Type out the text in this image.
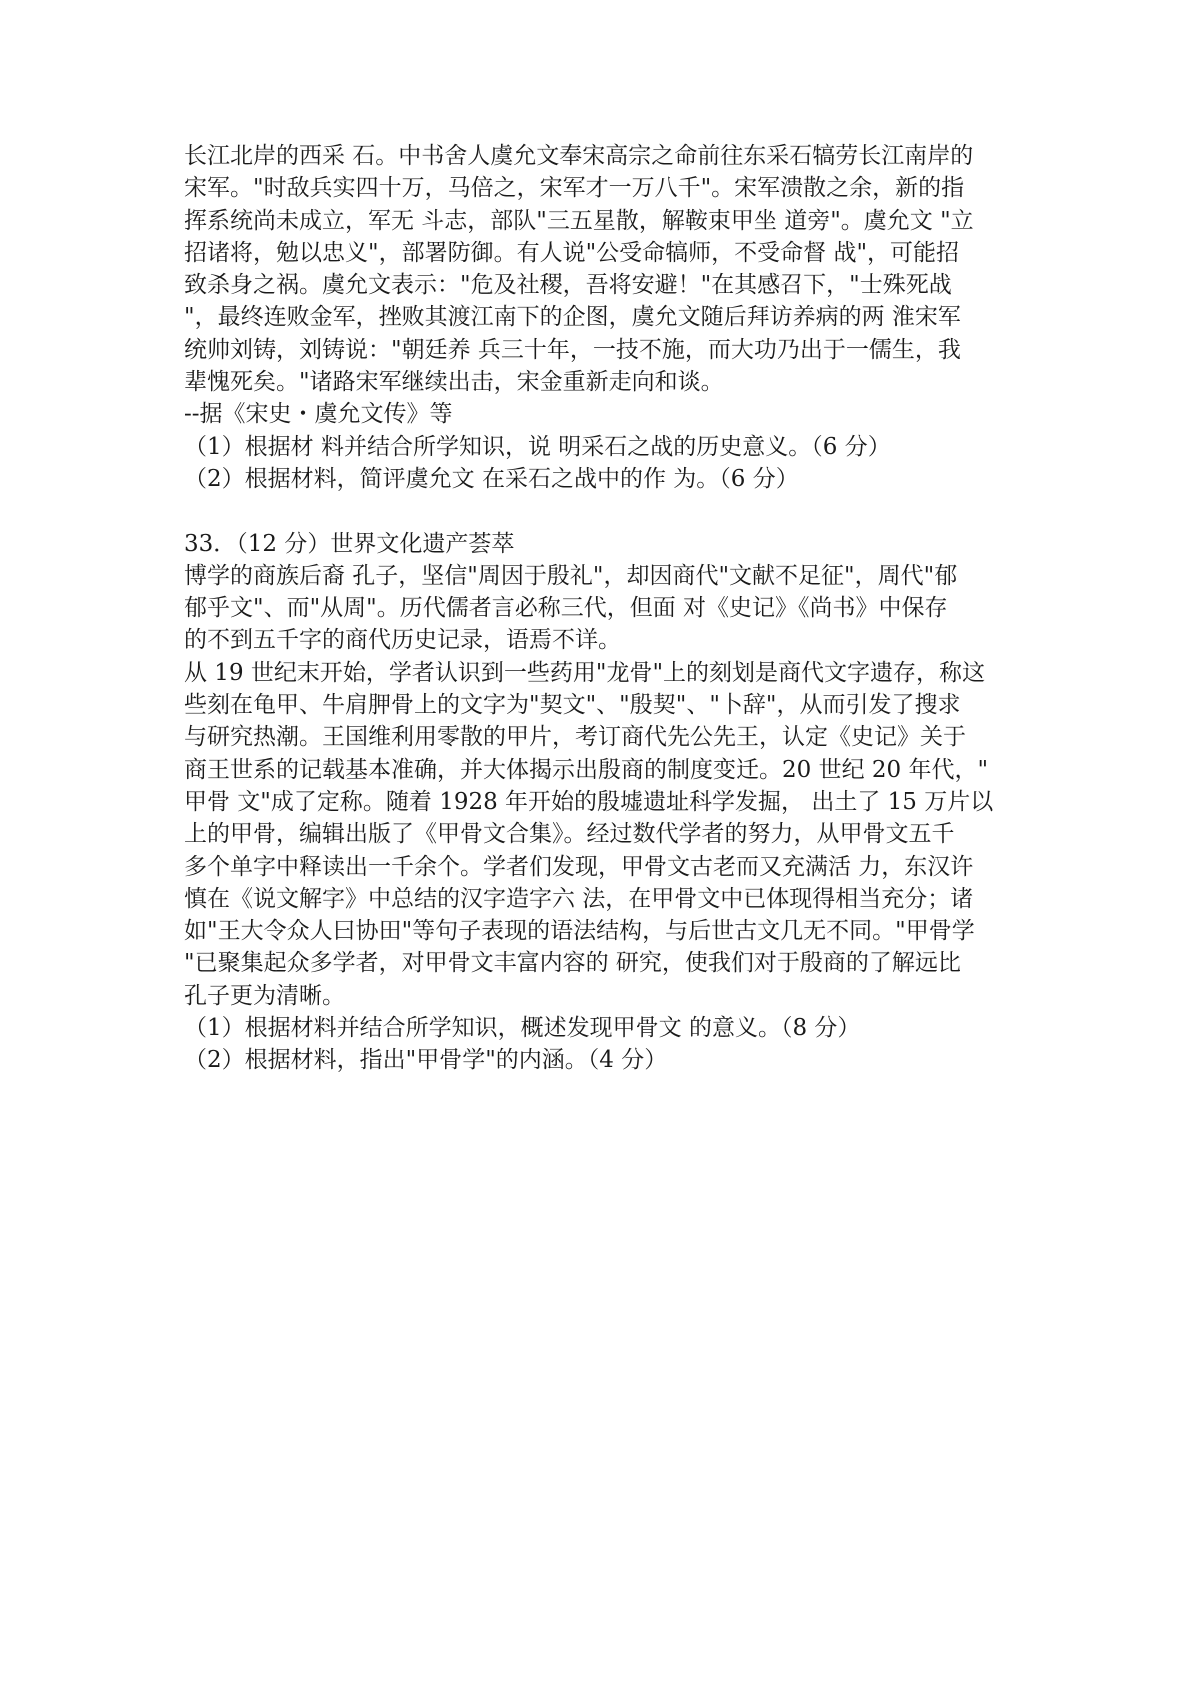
长江北岸的西采 石。中书舍人虞允文奉宋高宗之命前往东采石犒劳长江南岸的
宋军。"时敌兵实四十万，马倍之，宋军才一万八千"。宋军溃散之余，新的指
挥系统尚未成立，军无 斗志，部队"三五星散，解鞍束甲坐 道旁"。虞允文 "立
招诸将，勉以忠义"，部署防御。有人说"公受命犒师，不受命督 战"，可能招
致杀身之祸。虞允文表示："危及社稷，吾将安避！"在其感召下，"士殊死战
"，最终连败金军，挫败其渡江南下的企图，虞允文随后拜访养病的两 淮宋军
统帅刘铸，刘铸说："朝廷养 兵三十年，一技不施，而大功乃出于一儒生，我
辈愧死矣。"诸路宋军继续出击，宋金重新走向和谈。
--据《宋史・虞允文传》等
（1）根据材 料并结合所学知识，说 明采石之战的历史意义。（6 分）
（2）根据材料，简评虞允文 在采石之战中的作 为。（6 分）
33．（12 分）世界文化遗产荟萃
博学的商族后裔 孔子，坚信"周因于殷礼"，却因商代"文献不足征"，周代"郁
郁乎文"、而"从周"。历代儒者言必称三代，但面 对《史记》《尚书》中保存
的不到五千字的商代历史记录，语焉不详。
从 19 世纪末开始，学者认识到一些药用"龙骨"上的刻划是商代文字遗存，称这
些刻在龟甲、牛肩胛骨上的文字为"契文"、"殷契"、"卜辞"，从而引发了搜求
与研究热潮。王国维利用零散的甲片，考订商代先公先王，认定《史记》关于
商王世系的记载基本准确，并大体揭示出殷商的制度变迁。20 世纪 20 年代，"
甲骨 文"成了定称。随着 1928 年开始的殷墟遗址科学发掘， 出土了 15 万片以
上的甲骨，编辑出版了《甲骨文合集》。经过数代学者的努力，从甲骨文五千
多个单字中释读出一千余个。学者们发现，甲骨文古老而又充满活 力，东汉许
慎在《说文解字》中总结的汉字造字六 法，在甲骨文中已体现得相当充分；诸
如"王大令众人曰协田"等句子表现的语法结构，与后世古文几无不同。"甲骨学
"已聚集起众多学者，对甲骨文丰富内容的 研究，使我们对于殷商的了解远比
孔子更为清晰。
（1）根据材料并结合所学知识，概述发现甲骨文 的意义。（8 分）
（2）根据材料，指出"甲骨学"的内涵。（4 分）
